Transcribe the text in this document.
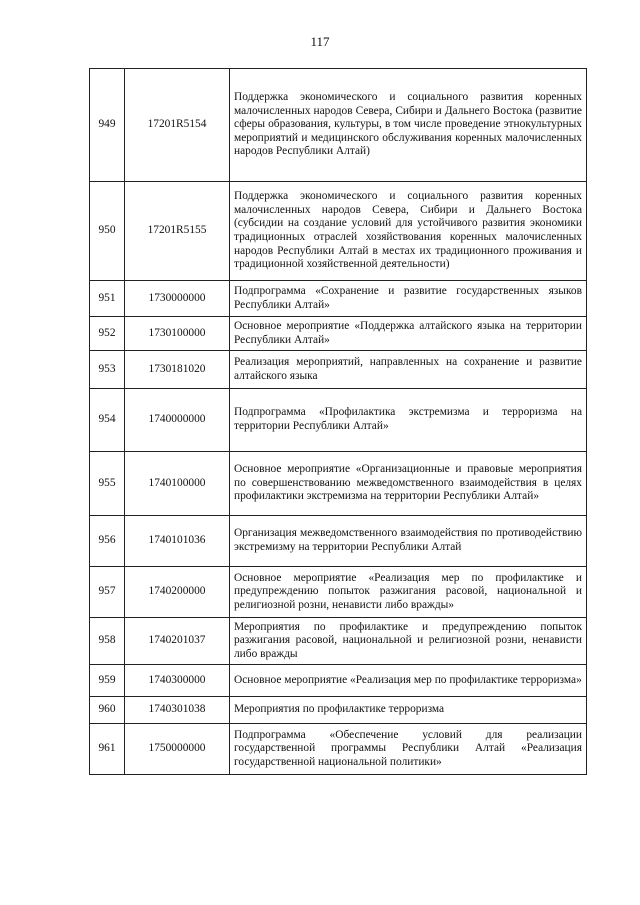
117
949	17201R5154	Поддержка экономического и социального развития коренных малочисленных народов Севера, Сибири и Дальнего Востока (развитие сферы образования, культуры, в том числе проведение этнокультурных мероприятий и медицинского обслуживания коренных малочисленных народов Республики Алтай)
950	17201R5155	Поддержка экономического и социального развития коренных малочисленных народов Севера, Сибири и Дальнего Востока (субсидии на создание условий для устойчивого развития экономики традиционных отраслей хозяйствования коренных малочисленных народов Республики Алтай в местах их традиционного проживания и традиционной хозяйственной деятельности)
951	1730000000	Подпрограмма «Сохранение и развитие государственных языков Республики Алтай»
952	1730100000	Основное мероприятие «Поддержка алтайского языка на территории Республики Алтай»
953	1730181020	Реализация мероприятий, направленных на сохранение и развитие алтайского языка
954	1740000000	Подпрограмма «Профилактика экстремизма и терроризма на территории Республики Алтай»
955	1740100000	Основное мероприятие «Организационные и правовые мероприятия по совершенствованию межведомственного взаимодействия в целях профилактики экстремизма на территории Республики Алтай»
956	1740101036	Организация межведомственного взаимодействия по противодействию экстремизму на территории Республики Алтай
957	1740200000	Основное мероприятие «Реализация мер по профилактике и предупреждению попыток разжигания расовой, национальной и религиозной розни, ненависти либо вражды»
958	1740201037	Мероприятия по профилактике и предупреждению попыток разжигания расовой, национальной и религиозной розни, ненависти либо вражды
959	1740300000	Основное мероприятие «Реализация мер по профилактике терроризма»
960	1740301038	Мероприятия по профилактике терроризма
961	1750000000	Подпрограмма «Обеспечение условий для реализации государственной программы Республики Алтай «Реализация государственной национальной политики»
